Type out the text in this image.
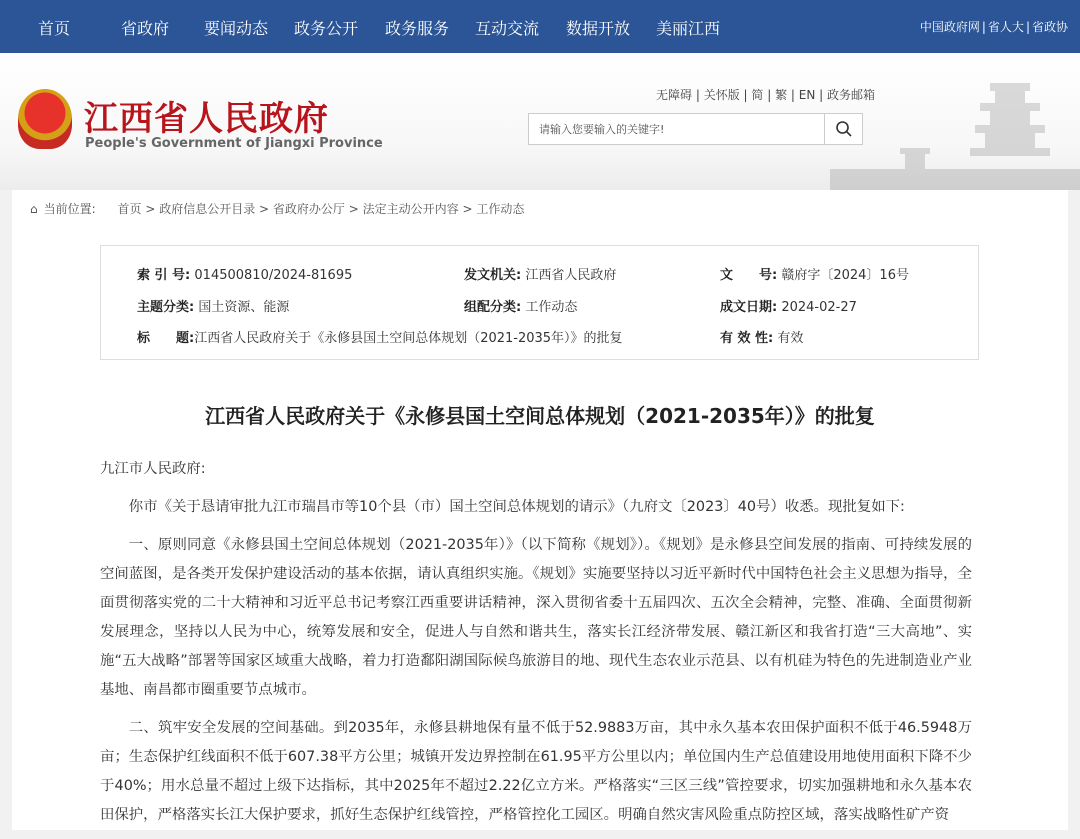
首页	省政府 要闻动态 政务公开 政务服务 互动交流 数据开放 美丽江西	中国政府网 | 省人大 | 省政协
江西省人民政府
People's Government of Jiangxi Province
无障碍 | 关怀版 | 简 | 繁 | EN | 政务邮箱
请输入您要输入的关键字!
⌂ 当前位置: 首页 > 政府信息公开目录 > 省政府办公厅 > 法定主动公开内容 > 工作动态
索 引 号: 014500810/2024-81695	发文机关: 江西省人民政府	文　　号: 赣府字〔2024〕16号
主题分类: 国土资源、能源	组配分类: 工作动态	成文日期: 2024-02-27
标　　题:江西省人民政府关于《永修县国土空间总体规划（2021-2035年）》的批复	有 效 性: 有效
江西省人民政府关于《永修县国土空间总体规划（2021-2035年）》的批复

九江市人民政府:

你市《关于恳请审批九江市瑞昌市等10个县（市）国土空间总体规划的请示》（九府文〔2023〕40号）收悉。现批复如下:

一、原则同意《永修县国土空间总体规划（2021-2035年）》（以下简称《规划》）。《规划》是永修县空间发展的指南、可持续发展的空间蓝图，是各类开发保护建设活动的基本依据，请认真组织实施。《规划》实施要坚持以习近平新时代中国特色社会主义思想为指导，全面贯彻落实党的二十大精神和习近平总书记考察江西重要讲话精神，深入贯彻省委十五届四次、五次全会精神，完整、准确、全面贯彻新发展理念，坚持以人民为中心，统筹发展和安全，促进人与自然和谐共生，落实长江经济带发展、赣江新区和我省打造“三大高地”、实施“五大战略”部署等国家区域重大战略，着力打造鄱阳湖国际候鸟旅游目的地、现代生态农业示范县、以有机硅为特色的先进制造业产业基地、南昌都市圈重要节点城市。

二、筑牢安全发展的空间基础。到2035年，永修县耕地保有量不低于52.9883万亩，其中永久基本农田保护面积不低于46.5948万亩；生态保护红线面积不低于607.38平方公里；城镇开发边界控制在61.95平方公里以内；单位国内生产总值建设用地使用面积下降不少于40%；用水总量不超过上级下达指标，其中2025年不超过2.22亿立方米。严格落实“三区三线”管控要求，切实加强耕地和永久基本农田保护，严格落实长江大保护要求，抓好生态保护红线管控，严格管控化工园区。明确自然灾害风险重点防控区域，落实战略性矿产资
